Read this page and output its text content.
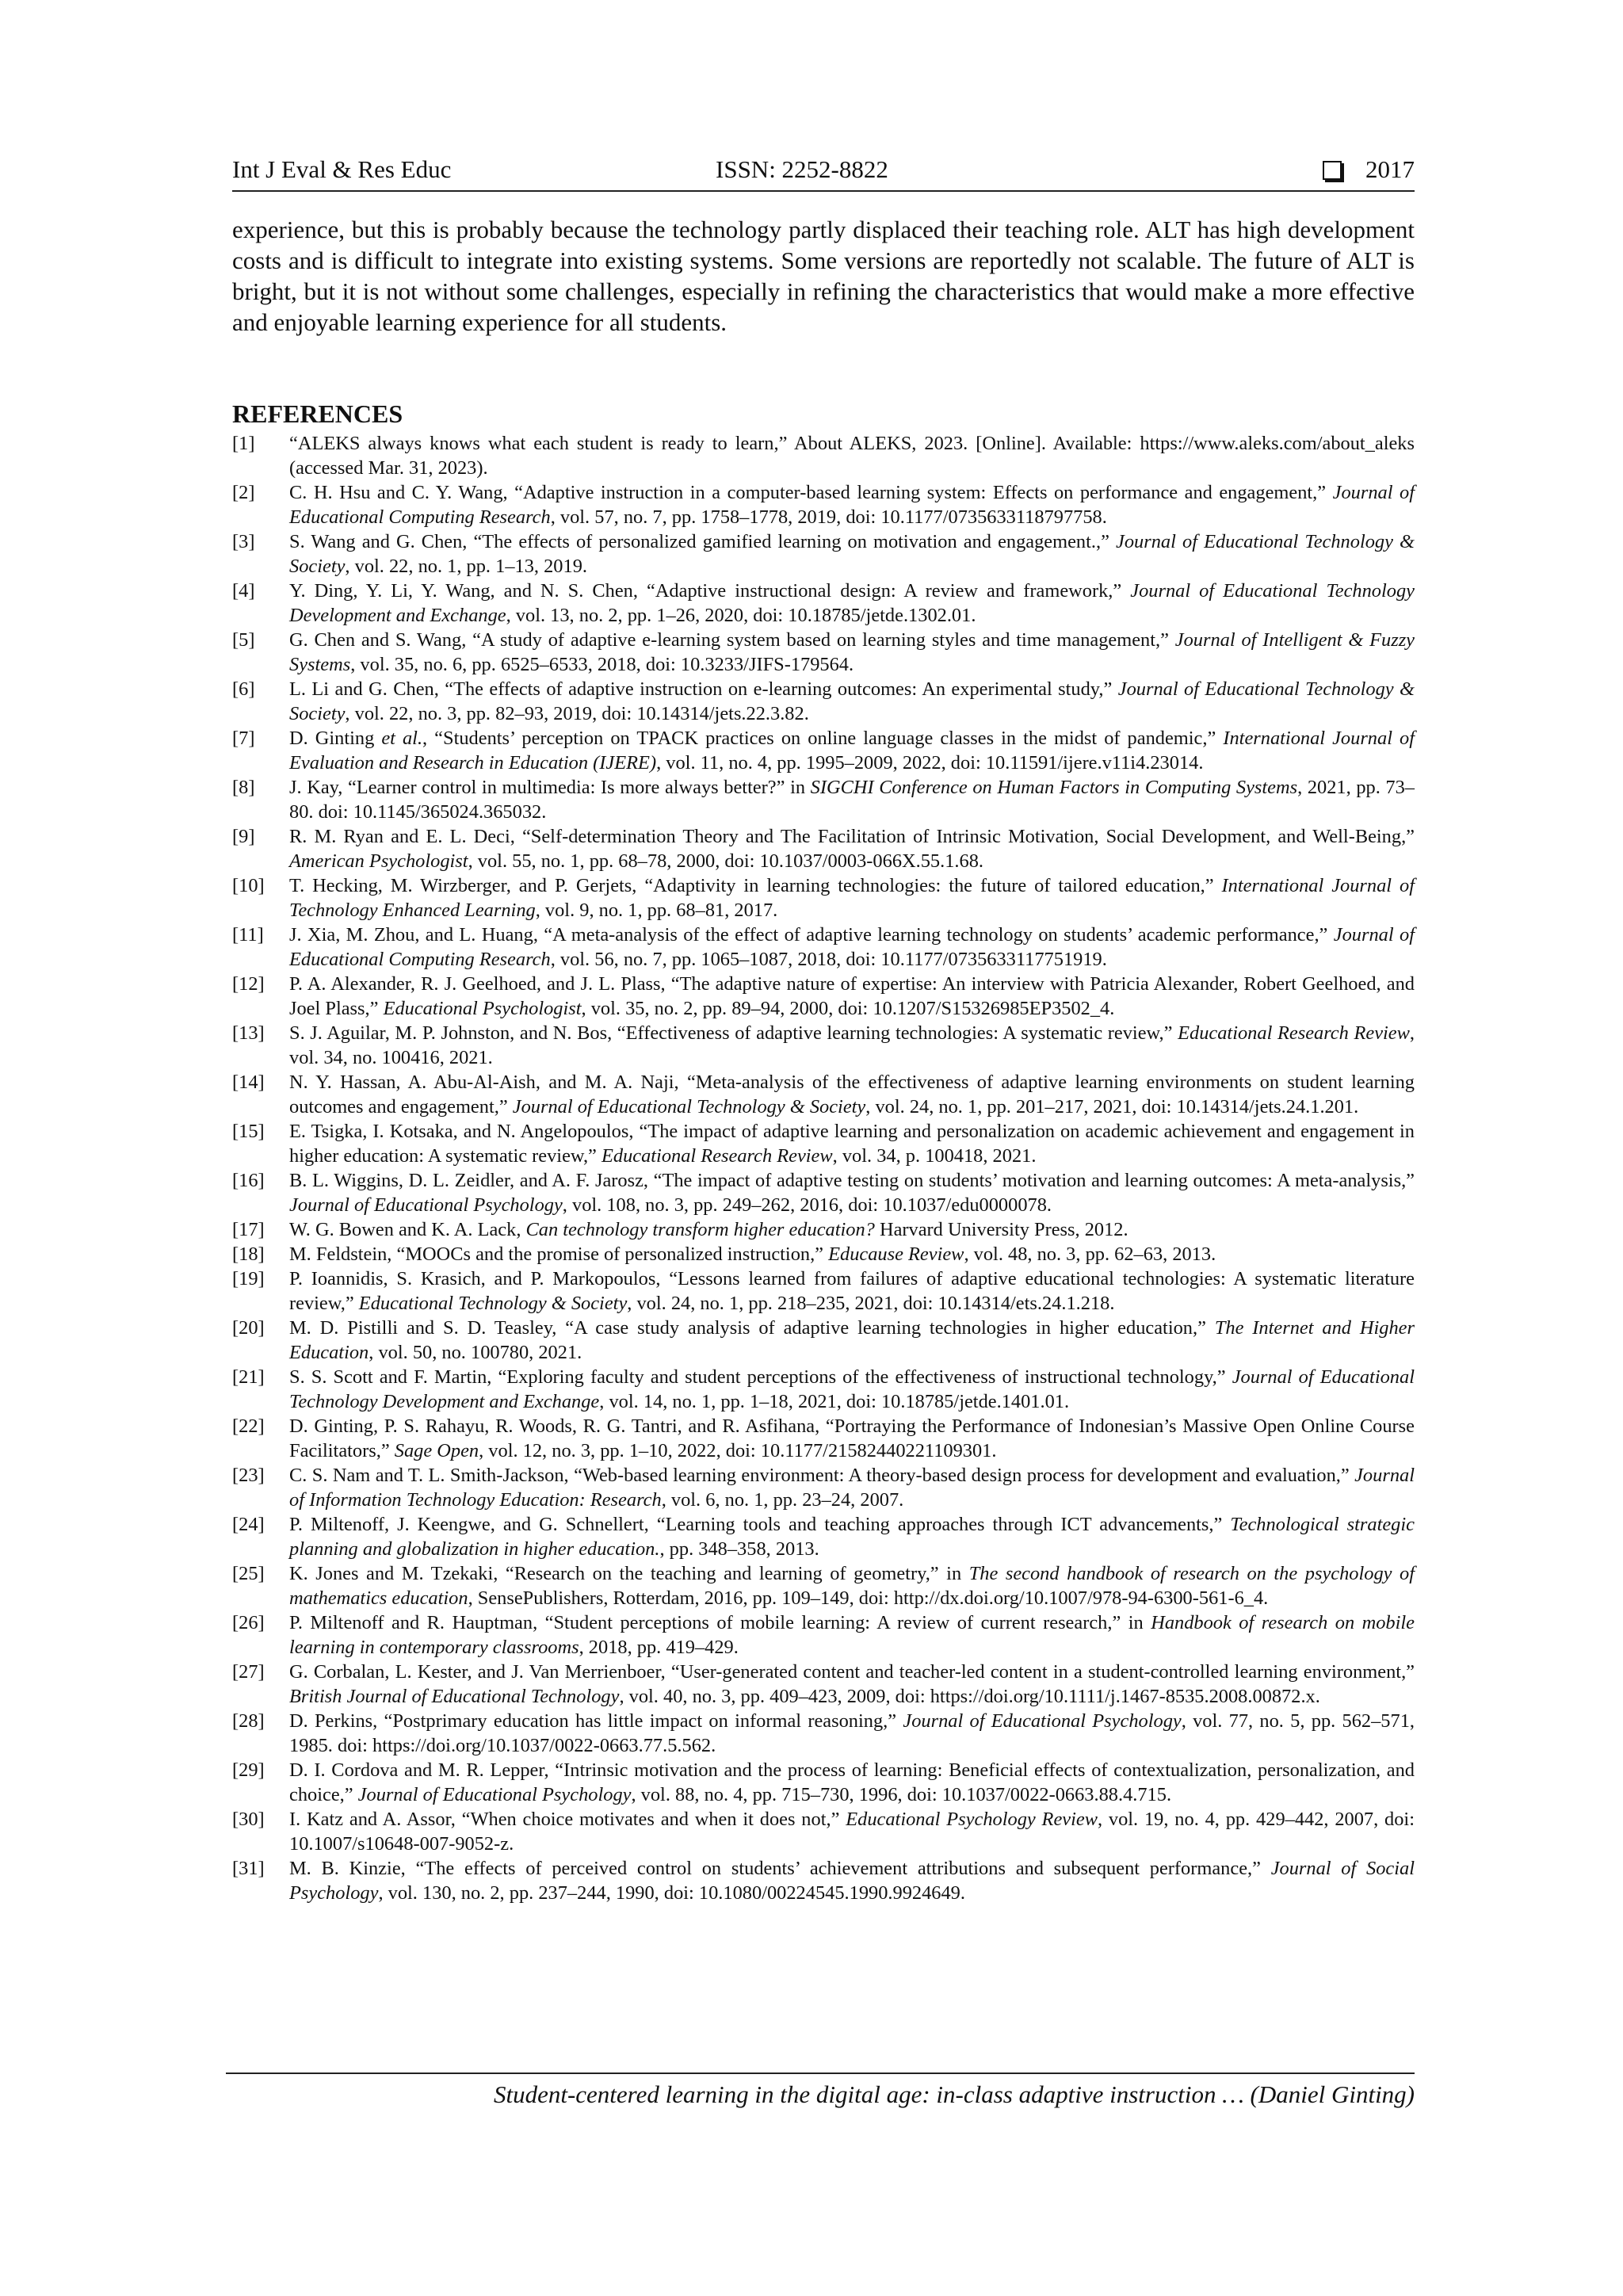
Int J Eval & Res Educ	ISSN: 2252-8822	2017

experience, but this is probably because the technology partly displaced their teaching role. ALT has high development costs and is difficult to integrate into existing systems. Some versions are reportedly not scalable. The future of ALT is bright, but it is not without some challenges, especially in refining the characteristics that would make a more effective and enjoyable learning experience for all students.

REFERENCES
[1]	“ALEKS always knows what each student is ready to learn,” About ALEKS, 2023. [Online]. Available: https://www.aleks.com/about_aleks (accessed Mar. 31, 2023).
[2]	C. H. Hsu and C. Y. Wang, “Adaptive instruction in a computer-based learning system: Effects on performance and engagement,” Journal of Educational Computing Research, vol. 57, no. 7, pp. 1758–1778, 2019, doi: 10.1177/0735633118797758.
[3]	S. Wang and G. Chen, “The effects of personalized gamified learning on motivation and engagement.,” Journal of Educational Technology & Society, vol. 22, no. 1, pp. 1–13, 2019.
[4]	Y. Ding, Y. Li, Y. Wang, and N. S. Chen, “Adaptive instructional design: A review and framework,” Journal of Educational Technology Development and Exchange, vol. 13, no. 2, pp. 1–26, 2020, doi: 10.18785/jetde.1302.01.
[5]	G. Chen and S. Wang, “A study of adaptive e-learning system based on learning styles and time management,” Journal of Intelligent & Fuzzy Systems, vol. 35, no. 6, pp. 6525–6533, 2018, doi: 10.3233/JIFS-179564.
[6]	L. Li and G. Chen, “The effects of adaptive instruction on e-learning outcomes: An experimental study,” Journal of Educational Technology & Society, vol. 22, no. 3, pp. 82–93, 2019, doi: 10.14314/jets.22.3.82.
[7]	D. Ginting et al., “Students’ perception on TPACK practices on online language classes in the midst of pandemic,” International Journal of Evaluation and Research in Education (IJERE), vol. 11, no. 4, pp. 1995–2009, 2022, doi: 10.11591/ijere.v11i4.23014.
[8]	J. Kay, “Learner control in multimedia: Is more always better?” in SIGCHI Conference on Human Factors in Computing Systems, 2021, pp. 73–80. doi: 10.1145/365024.365032.
[9]	R. M. Ryan and E. L. Deci, “Self-determination Theory and The Facilitation of Intrinsic Motivation, Social Development, and Well-Being,” American Psychologist, vol. 55, no. 1, pp. 68–78, 2000, doi: 10.1037/0003-066X.55.1.68.
[10]	T. Hecking, M. Wirzberger, and P. Gerjets, “Adaptivity in learning technologies: the future of tailored education,” International Journal of Technology Enhanced Learning, vol. 9, no. 1, pp. 68–81, 2017.
[11]	J. Xia, M. Zhou, and L. Huang, “A meta-analysis of the effect of adaptive learning technology on students’ academic performance,” Journal of Educational Computing Research, vol. 56, no. 7, pp. 1065–1087, 2018, doi: 10.1177/0735633117751919.
[12]	P. A. Alexander, R. J. Geelhoed, and J. L. Plass, “The adaptive nature of expertise: An interview with Patricia Alexander, Robert Geelhoed, and Joel Plass,” Educational Psychologist, vol. 35, no. 2, pp. 89–94, 2000, doi: 10.1207/S15326985EP3502_4.
[13]	S. J. Aguilar, M. P. Johnston, and N. Bos, “Effectiveness of adaptive learning technologies: A systematic review,” Educational Research Review, vol. 34, no. 100416, 2021.
[14]	N. Y. Hassan, A. Abu-Al-Aish, and M. A. Naji, “Meta-analysis of the effectiveness of adaptive learning environments on student learning outcomes and engagement,” Journal of Educational Technology & Society, vol. 24, no. 1, pp. 201–217, 2021, doi: 10.14314/jets.24.1.201.
[15]	E. Tsigka, I. Kotsaka, and N. Angelopoulos, “The impact of adaptive learning and personalization on academic achievement and engagement in higher education: A systematic review,” Educational Research Review, vol. 34, p. 100418, 2021.
[16]	B. L. Wiggins, D. L. Zeidler, and A. F. Jarosz, “The impact of adaptive testing on students’ motivation and learning outcomes: A meta-analysis,” Journal of Educational Psychology, vol. 108, no. 3, pp. 249–262, 2016, doi: 10.1037/edu0000078.
[17]	W. G. Bowen and K. A. Lack, Can technology transform higher education? Harvard University Press, 2012.
[18]	M. Feldstein, “MOOCs and the promise of personalized instruction,” Educause Review, vol. 48, no. 3, pp. 62–63, 2013.
[19]	P. Ioannidis, S. Krasich, and P. Markopoulos, “Lessons learned from failures of adaptive educational technologies: A systematic literature review,” Educational Technology & Society, vol. 24, no. 1, pp. 218–235, 2021, doi: 10.14314/ets.24.1.218.
[20]	M. D. Pistilli and S. D. Teasley, “A case study analysis of adaptive learning technologies in higher education,” The Internet and Higher Education, vol. 50, no. 100780, 2021.
[21]	S. S. Scott and F. Martin, “Exploring faculty and student perceptions of the effectiveness of instructional technology,” Journal of Educational Technology Development and Exchange, vol. 14, no. 1, pp. 1–18, 2021, doi: 10.18785/jetde.1401.01.
[22]	D. Ginting, P. S. Rahayu, R. Woods, R. G. Tantri, and R. Asfihana, “Portraying the Performance of Indonesian’s Massive Open Online Course Facilitators,” Sage Open, vol. 12, no. 3, pp. 1–10, 2022, doi: 10.1177/21582440221109301.
[23]	C. S. Nam and T. L. Smith-Jackson, “Web-based learning environment: A theory-based design process for development and evaluation,” Journal of Information Technology Education: Research, vol. 6, no. 1, pp. 23–24, 2007.
[24]	P. Miltenoff, J. Keengwe, and G. Schnellert, “Learning tools and teaching approaches through ICT advancements,” Technological strategic planning and globalization in higher education., pp. 348–358, 2013.
[25]	K. Jones and M. Tzekaki, “Research on the teaching and learning of geometry,” in The second handbook of research on the psychology of mathematics education, SensePublishers, Rotterdam, 2016, pp. 109–149, doi: http://dx.doi.org/10.1007/978-94-6300-561-6_4.
[26]	P. Miltenoff and R. Hauptman, “Student perceptions of mobile learning: A review of current research,” in Handbook of research on mobile learning in contemporary classrooms, 2018, pp. 419–429.
[27]	G. Corbalan, L. Kester, and J. Van Merrienboer, “User-generated content and teacher-led content in a student-controlled learning environment,” British Journal of Educational Technology, vol. 40, no. 3, pp. 409–423, 2009, doi: https://doi.org/10.1111/j.1467-8535.2008.00872.x.
[28]	D. Perkins, “Postprimary education has little impact on informal reasoning,” Journal of Educational Psychology, vol. 77, no. 5, pp. 562–571, 1985. doi: https://doi.org/10.1037/0022-0663.77.5.562.
[29]	D. I. Cordova and M. R. Lepper, “Intrinsic motivation and the process of learning: Beneficial effects of contextualization, personalization, and choice,” Journal of Educational Psychology, vol. 88, no. 4, pp. 715–730, 1996, doi: 10.1037/0022-0663.88.4.715.
[30]	I. Katz and A. Assor, “When choice motivates and when it does not,” Educational Psychology Review, vol. 19, no. 4, pp. 429–442, 2007, doi: 10.1007/s10648-007-9052-z.
[31]	M. B. Kinzie, “The effects of perceived control on students’ achievement attributions and subsequent performance,” Journal of Social Psychology, vol. 130, no. 2, pp. 237–244, 1990, doi: 10.1080/00224545.1990.9924649.
Student-centered learning in the digital age: in-class adaptive instruction … (Daniel Ginting)
